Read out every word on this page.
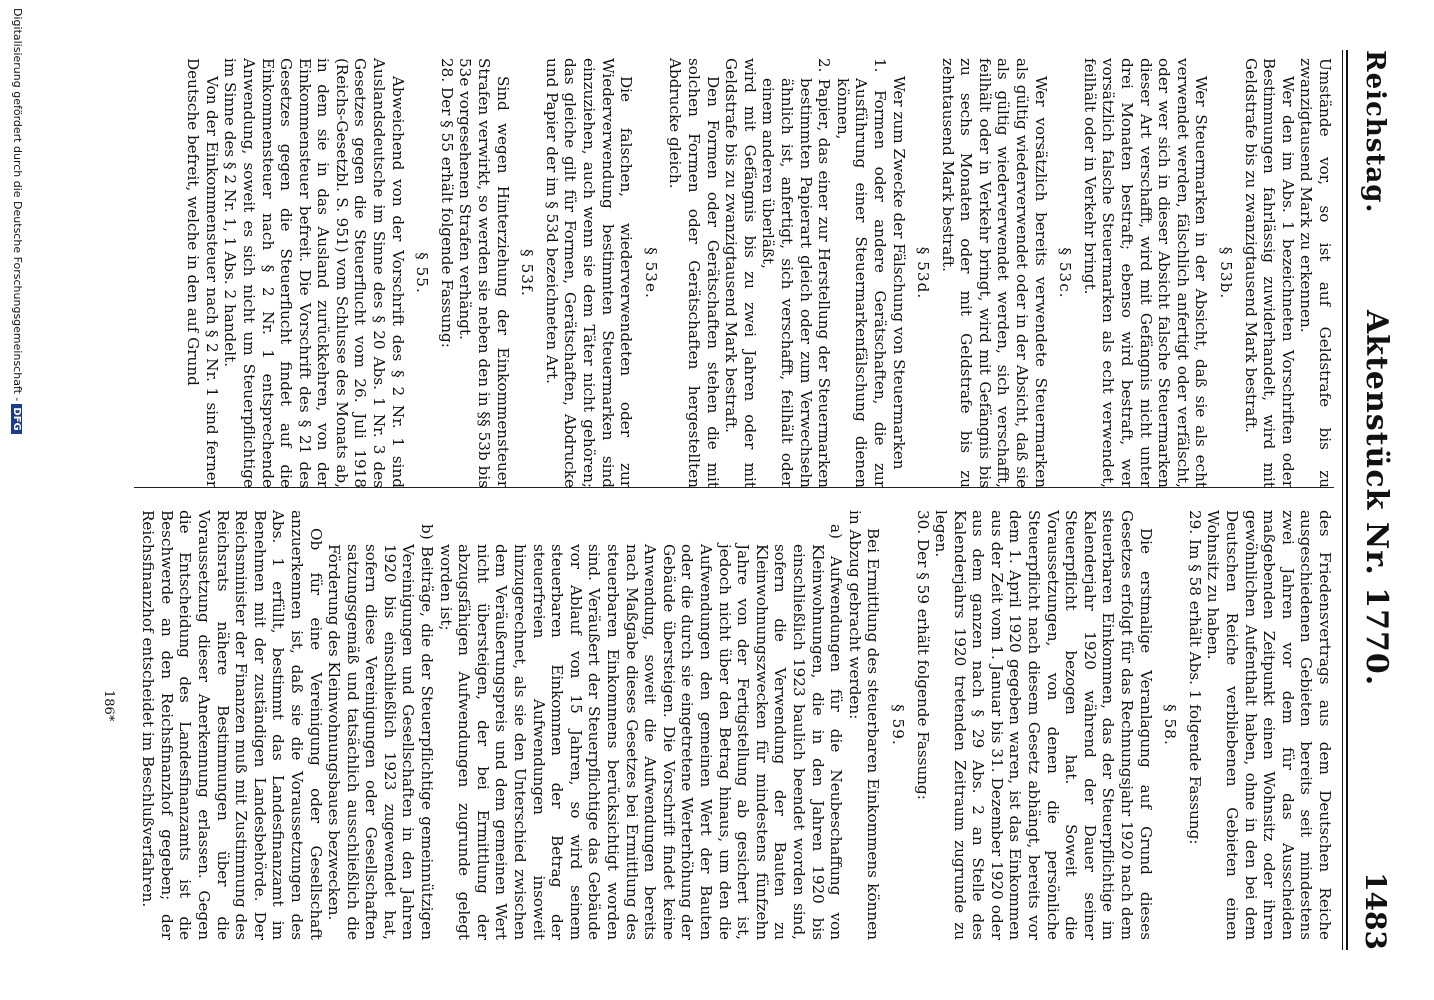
Reichstag.
Aktenstück Nr. 1770.
1483

Umstände vor, so ist auf Geldstrafe bis zu zwanzigtausend Mark zu erkennen.

Wer den im Abs. 1 bezeichneten Vorschriften oder Bestimmungen fahrlässig zuwiderhandelt, wird mit Geldstrafe bis zu zwanzigtausend Mark bestraft.

§ 53b.

Wer Steuermarken in der Absicht, daß sie als echt verwendet werden, fälschlich anfertigt oder verfälscht, oder wer sich in dieser Absicht falsche Steuermarken dieser Art verschafft, wird mit Gefängnis nicht unter drei Monaten bestraft; ebenso wird bestraft, wer vorsätzlich falsche Steuermarken als echt verwendet, feilhält oder in Verkehr bringt.

§ 53c.

Wer vorsätzlich bereits verwendete Steuermarken als gültig wiederverwendet oder in der Absicht, daß sie als gültig wiederverwendet werden, sich verschafft, feilhält oder in Verkehr bringt, wird mit Gefängnis bis zu sechs Monaten oder mit Geldstrafe bis zu zehntausend Mark bestraft.

§ 53d.

Wer zum Zwecke der Fälschung von Steuermarken

1. Formen oder andere Gerätschaften, die zur Ausführung einer Steuermarkenfälschung dienen können,

2. Papier, das einer zur Herstellung der Steuermarken bestimmten Papierart gleich oder zum Verwechseln ähnlich ist, anfertigt, sich verschafft, feilhält oder einem anderen überläßt,

wird mit Gefängnis bis zu zwei Jahren oder mit Geldstrafe bis zu zwanzigtausend Mark bestraft.

Den Formen oder Gerätschaften stehen die mit solchen Formen oder Gerätschaften hergestellten Abdrucke gleich.

§ 53e.

Die falschen, wiederverwendeten oder zur Wiederverwendung bestimmten Steuermarken sind einzuziehen, auch wenn sie dem Täter nicht gehören; das gleiche gilt für Formen, Gerätschaften, Abdrucke und Papier der im § 53d bezeichneten Art.

§ 53f.

Sind wegen Hinterziehung der Einkommensteuer Strafen verwirkt, so werden sie neben den in §§ 53b bis 53e vorgesehenen Strafen verhängt.

28. Der § 55 erhält folgende Fassung:

§ 55.

Abweichend von der Vorschrift des § 2 Nr. 1 sind Auslandsdeutsche im Sinne des § 20 Abs. 1 Nr. 3 des Gesetzes gegen die Steuerflucht vom 26. Juli 1918 (Reichs-Gesetzbl. S. 951) vom Schlusse des Monats ab, in dem sie in das Ausland zurückkehren, von der Einkommensteuer befreit. Die Vorschrift des § 21 des Gesetzes gegen die Steuerflucht findet auf die Einkommensteuer nach § 2 Nr. 1 entsprechende Anwendung, soweit es sich nicht um Steuerpflichtige im Sinne des § 2 Nr. 1, 1 Abs. 2 handelt.

Von der Einkommensteuer nach § 2 Nr. 1 sind ferner Deutsche befreit, welche in den auf Grund

des Friedensvertrags aus dem Deutschen Reiche ausgeschiedenen Gebieten bereits seit mindestens zwei Jahren vor dem für das Ausscheiden maßgebenden Zeitpunkt einen Wohnsitz oder ihren gewöhnlichen Aufenthalt haben, ohne in den bei dem Deutschen Reiche verbliebenen Gebieten einen Wohnsitz zu haben.

29. Im § 58 erhält Abs. 1 folgende Fassung:

§ 58.

Die erstmalige Veranlagung auf Grund dieses Gesetzes erfolgt für das Rechnungsjahr 1920 nach dem steuerbaren Einkommen, das der Steuerpflichtige im Kalenderjahr 1920 während der Dauer seiner Steuerpflicht bezogen hat. Soweit die Voraussetzungen, von denen die persönliche Steuerpflicht nach diesem Gesetz abhängt, bereits vor dem 1. April 1920 gegeben waren, ist das Einkommen aus der Zeit vom 1. Januar bis 31. Dezember 1920 oder aus dem ganzen nach § 29 Abs. 2 an Stelle des Kalenderjahrs 1920 tretenden Zeitraum zugrunde zu legen.

30. Der § 59 erhält folgende Fassung:

§ 59.

Bei Ermittlung des steuerbaren Einkommens können in Abzug gebracht werden:

a) Aufwendungen für die Neubeschaffung von Kleinwohnungen, die in den Jahren 1920 bis einschließlich 1923 baulich beendet worden sind, sofern die Verwendung der Bauten zu Kleinwohnungszwecken für mindestens fünfzehn Jahre von der Fertigstellung ab gesichert ist, jedoch nicht über den Betrag hinaus, um den die Aufwendungen den gemeinen Wert der Bauten oder die durch sie eingetretene Werterhöhung der Gebäude übersteigen. Die Vorschrift findet keine Anwendung, soweit die Aufwendungen bereits nach Maßgabe dieses Gesetzes bei Ermittlung des steuerbaren Einkommens berücksichtigt worden sind. Veräußert der Steuerpflichtige das Gebäude vor Ablauf von 15 Jahren, so wird seinem steuerbaren Einkommen der Betrag der steuerfreien Aufwendungen insoweit hinzugerechnet, als sie den Unterschied zwischen dem Veräußerungspreis und dem gemeinen Wert nicht übersteigen, der bei Ermittlung der abzugsfähigen Aufwendungen zugrunde gelegt worden ist;

b) Beiträge, die der Steuerpflichtige gemeinnützigen Vereinigungen und Gesellschaften in den Jahren 1920 bis einschließlich 1923 zugewendet hat, sofern diese Vereinigungen oder Gesellschaften satzungsgemäß und tatsächlich ausschließlich die Förderung des Kleinwohnungsbaues bezwecken.

Ob für eine Vereinigung oder Gesellschaft anzuerkennen ist, daß sie die Voraussetzungen des Abs. 1 erfüllt, bestimmt das Landesfinanzamt im Benehmen mit der zuständigen Landesbehörde. Der Reichsminister der Finanzen muß mit Zustimmung des Reichsrats nähere Bestimmungen über die Voraussetzung dieser Anerkennung erlassen. Gegen die Entscheidung des Landesfinanzamts ist die Beschwerde an den Reichsfinanzhof gegeben; der Reichsfinanzhof entscheidet im Beschlußverfahren.

186*
Digitalisierung gefördert durch die Deutsche Forschungsgemeinschaft -DFG
